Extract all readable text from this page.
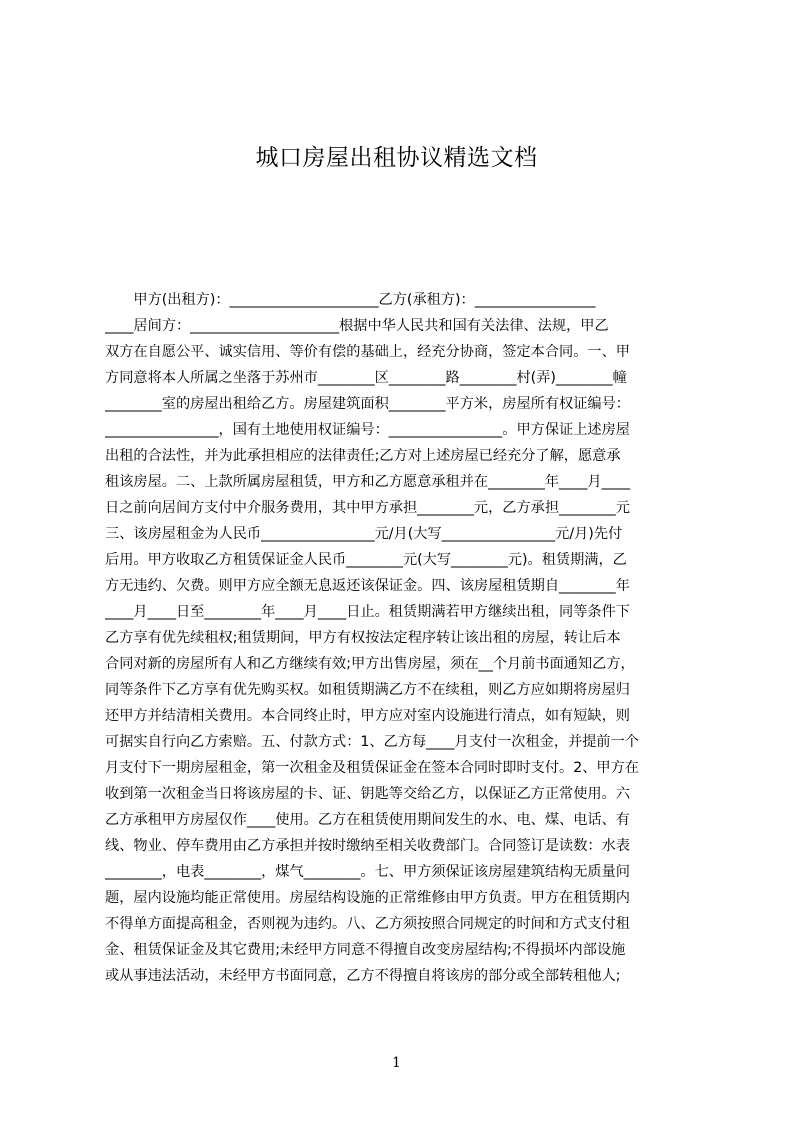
城口房屋出租协议精选文档
　　甲方(出租方)：_____________________乙方(承租方)：_________________
____居间方：_____________________根据中华人民共和国有关法律、法规，甲乙
双方在自愿公平、诚实信用、等价有偿的基础上，经充分协商，签定本合同。一、甲
方同意将本人所属之坐落于苏州市________区________路________村(弄)________幢
________室的房屋出租给乙方。房屋建筑面积________平方米，房屋所有权证编号：
________________，国有土地使用权证编号：________________。甲方保证上述房屋
出租的合法性，并为此承担相应的法律责任;乙方对上述房屋已经充分了解，愿意承
租该房屋。二、上款所属房屋租赁，甲方和乙方愿意承租并在________年____月____
日之前向居间方支付中介服务费用，其中甲方承担________元，乙方承担________元
三、该房屋租金为人民币________________元/月(大写________________元/月)先付
后用。甲方收取乙方租赁保证金人民币________元(大写________元)。租赁期满，乙
方无违约、欠费。则甲方应全额无息返还该保证金。四、该房屋租赁期自________年
____月____日至________年____月____日止。租赁期满若甲方继续出租，同等条件下
乙方享有优先续租权;租赁期间，甲方有权按法定程序转让该出租的房屋，转让后本
合同对新的房屋所有人和乙方继续有效;甲方出售房屋，须在__个月前书面通知乙方，
同等条件下乙方享有优先购买权。如租赁期满乙方不在续租，则乙方应如期将房屋归
还甲方并结清相关费用。本合同终止时，甲方应对室内设施进行清点，如有短缺，则
可据实自行向乙方索赔。五、付款方式：1、乙方每____月支付一次租金，并提前一个
月支付下一期房屋租金，第一次租金及租赁保证金在签本合同时即时支付。2、甲方在
收到第一次租金当日将该房屋的卡、证、钥匙等交给乙方，以保证乙方正常使用。六
乙方承租甲方房屋仅作____使用。乙方在租赁使用期间发生的水、电、煤、电话、有
线、物业、停车费用由乙方承担并按时缴纳至相关收费部门。合同签订是读数：水表
________，电表________，煤气________。七、甲方须保证该房屋建筑结构无质量问
题，屋内设施均能正常使用。房屋结构设施的正常维修由甲方负责。甲方在租赁期内
不得单方面提高租金，否则视为违约。八、乙方须按照合同规定的时间和方式支付租
金、租赁保证金及其它费用;未经甲方同意不得擅自改变房屋结构;不得损坏内部设施
或从事违法活动，未经甲方书面同意，乙方不得擅自将该房的部分或全部转租他人;
1
